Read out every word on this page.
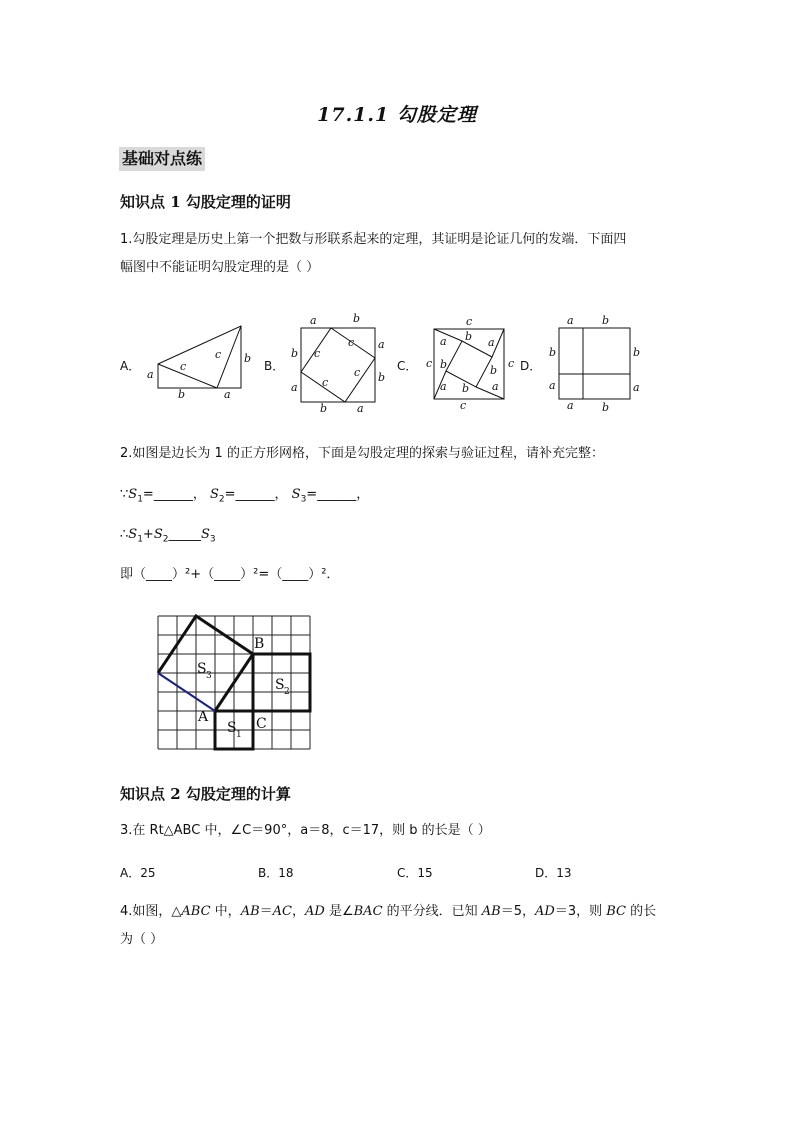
17.1.1 勾股定理
基础对点练
知识点 1 勾股定理的证明
1.勾股定理是历史上第一个把数与形联系起来的定理，其证明是论证几何的发端．下面四
幅图中不能证明勾股定理的是（ ）
A．	B．	C．	D．
a
c
c b
b	a
a	b
b
a
a
b
b	a
c
c
c
c
c
c	c
c
a b a
b
a
b
a b
a	b
b
a
b
a
a	b
2.如图是边长为 1 的正方形网格，下面是勾股定理的探索与验证过程，请补充完整：
$\because S_1=\_\_\_\_\_\_$， $S_2=\_\_\_\_\_\_$， $S_3=\_\_\_\_\_\_$，
$\therefore S_1+S_2\_\_\_\_\_S_3$
即（____）²+（____）²=（____）²．
B
A	C
S 3
S 2
S 1
知识点 2 勾股定理的计算
3.在 Rt△ABC 中，∠C＝90°，a＝8，c＝17，则 b 的长是（ ）
A．25	B．18	C．15	D．13
4.如图，△ABC 中，AB＝AC，AD 是∠BAC 的平分线．已知 AB＝5，AD＝3，则 BC 的长
为（ ）
